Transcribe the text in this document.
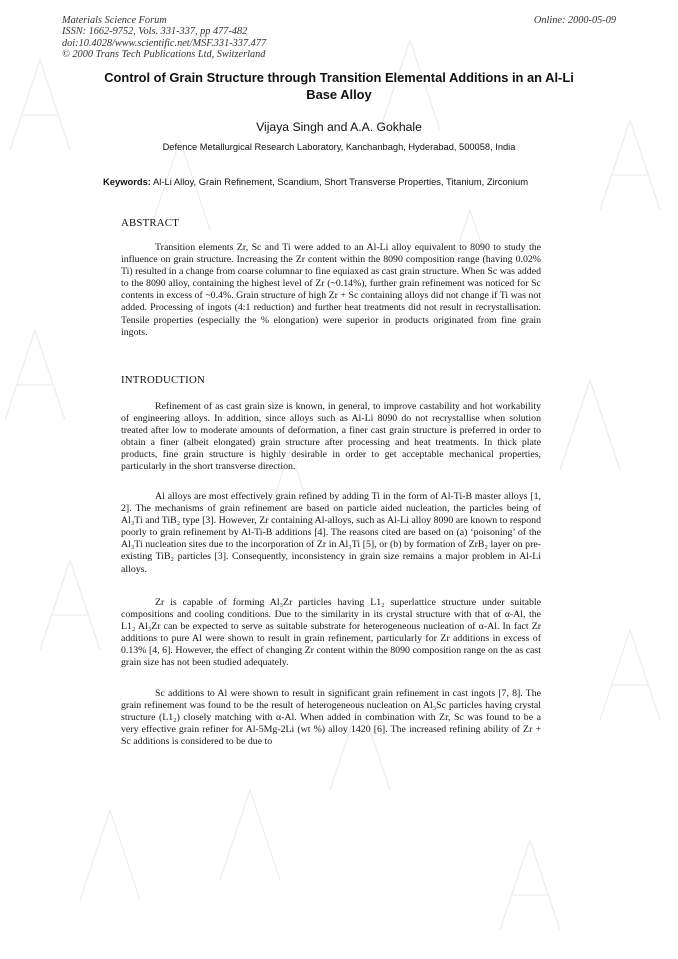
Materials Science Forum
ISSN: 1662-9752, Vols. 331-337, pp 477-482
doi:10.4028/www.scientific.net/MSF.331-337.477
© 2000 Trans Tech Publications Ltd, Switzerland
Online: 2000-05-09
Control of Grain Structure through Transition Elemental Additions in an Al-Li Base Alloy
Vijaya Singh and A.A. Gokhale
Defence Metallurgical Research Laboratory, Kanchanbagh, Hyderabad, 500058, India
Keywords: Al-Li Alloy, Grain Refinement, Scandium, Short Transverse Properties, Titanium, Zirconium
ABSTRACT
Transition elements Zr, Sc and Ti were added to an Al-Li alloy equivalent to 8090 to study the influence on grain structure. Increasing the Zr content within the 8090 composition range (having 0.02% Ti) resulted in a change from coarse columnar to fine equiaxed as cast grain structure. When Sc was added to the 8090 alloy, containing the highest level of Zr (~0.14%), further grain refinement was noticed for Sc contents in excess of ~0.4%. Grain structure of high Zr + Sc containing alloys did not change if Ti was not added. Processing of ingots (4:1 reduction) and further heat treatments did not result in recrystallisation. Tensile properties (especially the % elongation) were superior in products originated from fine grain ingots.
INTRODUCTION
Refinement of as cast grain size is known, in general, to improve castability and hot workability of engineering alloys. In addition, since alloys such as Al-Li 8090 do not recrystallise when solution treated after low to moderate amounts of deformation, a finer cast grain structure is preferred in order to obtain a finer (albeit elongated) grain structure after processing and heat treatments. In thick plate products, fine grain structure is highly desirable in order to get acceptable mechanical properties, particularly in the short transverse direction.
Al alloys are most effectively grain refined by adding Ti in the form of Al-Ti-B master alloys [1, 2]. The mechanisms of grain refinement are based on particle aided nucleation, the particles being of Al₃Ti and TiB₂ type [3]. However, Zr containing Al-alloys, such as Al-Li alloy 8090 are known to respond poorly to grain refinement by Al-Ti-B additions [4]. The reasons cited are based on (a) ‘poisoning’ of the Al₃Ti nucleation sites due to the incorporation of Zr in Al₃Ti [5], or (b) by formation of ZrB₂ layer on pre-existing TiB₂ particles [3]. Consequently, inconsistency in grain size remains a major problem in Al-Li alloys.
Zr is capable of forming Al₃Zr particles having L1₂ superlattice structure under suitable compositions and cooling conditions. Due to the similarity in its crystal structure with that of α-Al, the L1₂ Al₃Zr can be expected to serve as suitable substrate for heterogeneous nucleation of α-Al. In fact Zr additions to pure Al were shown to result in grain refinement, particularly for Zr additions in excess of 0.13% [4, 6]. However, the effect of changing Zr content within the 8090 composition range on the as cast grain size has not been studied adequately.
Sc additions to Al were shown to result in significant grain refinement in cast ingots [7, 8]. The grain refinement was found to be the result of heterogeneous nucleation on Al₃Sc particles having crystal structure (L1₂) closely matching with α-Al. When added in combination with Zr, Sc was found to be a very effective grain refiner for Al-5Mg-2Li (wt %) alloy 1420 [6]. The increased refining ability of Zr + Sc additions is considered to be due to
